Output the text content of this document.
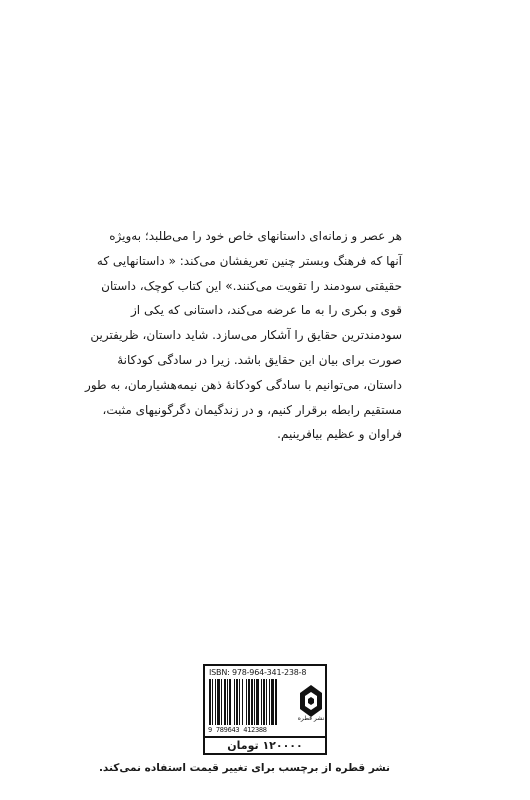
هر عصر و زمانه‌ای داستانهای خاص خود را می‌طلبد؛ به‌ویژه
آنها که فرهنگ وبستر چنین تعریفشان می‌کند: « داستانهایی که
حقیقتی سودمند را تقویت می‌کنند.» این کتاب کوچک، داستان
قوی و بکری را به ما عرضه می‌کند، داستانی که یکی از
سودمندترین حقایق را آشکار می‌سازد. شاید داستان، ظریفترین
صورت برای بیان این حقایق باشد. زیرا در سادگی کودکانهٔ
داستان، می‌توانیم با سادگی کودکانهٔ ذهن نیمه‌هشیارمان، به طور
مستقیم رابطه برقرار کنیم، و در زندگیمان دگرگونیهای مثبت،
فراوان و عظیم بیافرینیم.
ISBN: 978-964-341-238-8
9 789643 412388
نشر قطره
۱۲۰۰۰۰ تومان
نشر قطره از برچسب برای تغییر قیمت استفاده نمی‌کند.
